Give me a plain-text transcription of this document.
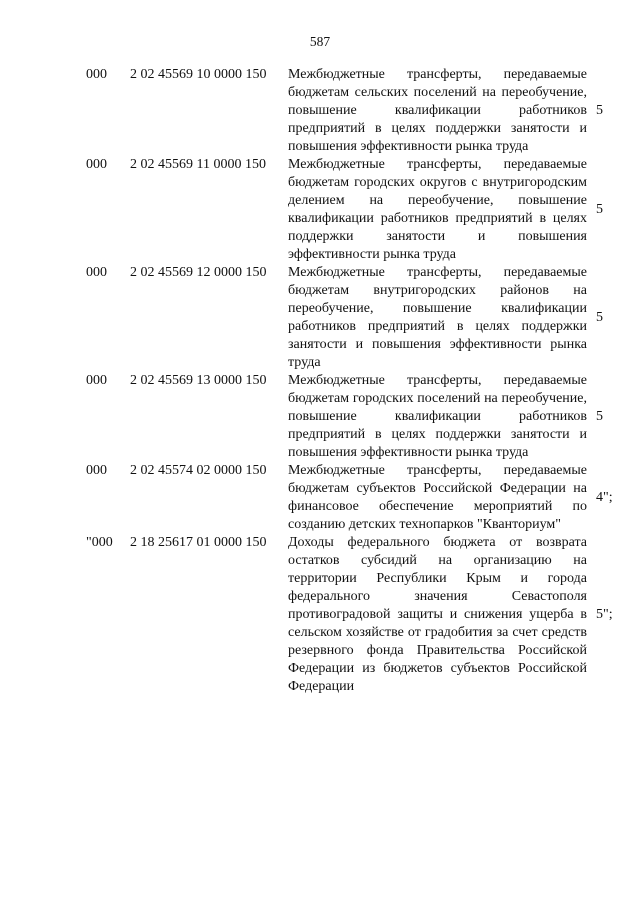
587
000 2 02 45569 10 0000 150 Межбюджетные трансферты, передаваемые бюджетам сельских поселений на переобучение, повышение квалификации работников предприятий в целях поддержки занятости и повышения эффективности рынка труда
5
000 2 02 45569 11 0000 150 Межбюджетные трансферты, передаваемые бюджетам городских округов с внутригородским делением на переобучение, повышение квалификации работников предприятий в целях поддержки занятости и повышения эффективности рынка труда
5
000 2 02 45569 12 0000 150 Межбюджетные трансферты, передаваемые бюджетам внутригородских районов на переобучение, повышение квалификации работников предприятий в целях поддержки занятости и повышения эффективности рынка труда
5
000 2 02 45569 13 0000 150 Межбюджетные трансферты, передаваемые бюджетам городских поселений на переобучение, повышение квалификации работников предприятий в целях поддержки занятости и повышения эффективности рынка труда
5
000 2 02 45574 02 0000 150 Межбюджетные трансферты, передаваемые бюджетам субъектов Российской Федерации на финансовое обеспечение мероприятий по созданию детских технопарков "Кванториум"
4";
"000 2 18 25617 01 0000 150 Доходы федерального бюджета от возврата остатков субсидий на организацию на территории Республики Крым и города федерального значения Севастополя противоградовой защиты и снижения ущерба в сельском хозяйстве от градобития за счет средств резервного фонда Правительства Российской Федерации из бюджетов субъектов Российской Федерации
5";
